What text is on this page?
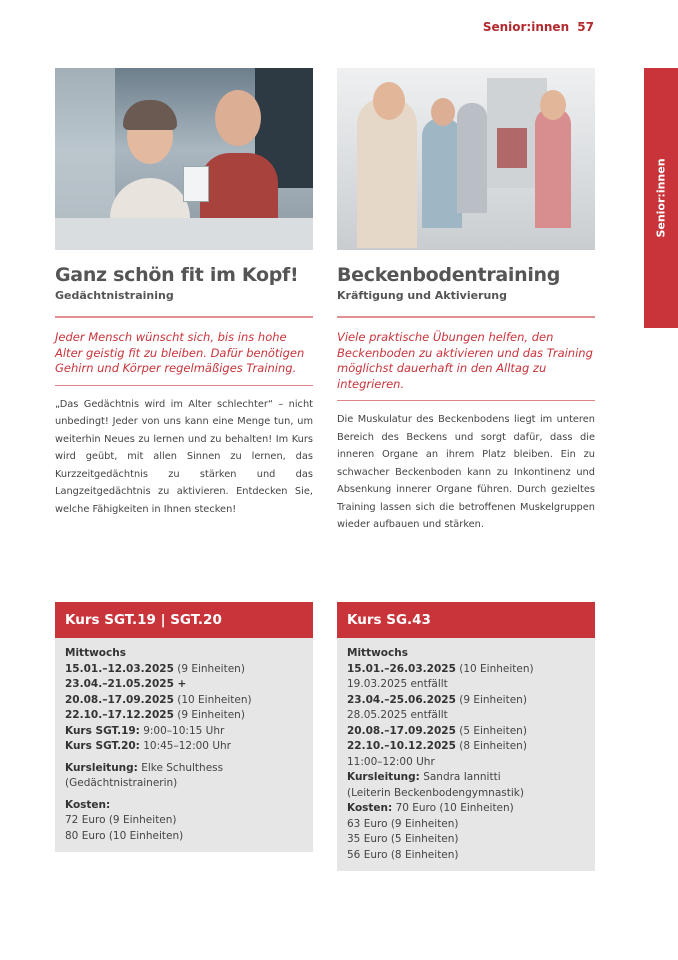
Senior:innen 57
Senior:innen
Ganz schön fit im Kopf!
Gedächtnistraining
Jeder Mensch wünscht sich, bis ins hohe Alter geistig fit zu bleiben. Dafür benötigen Gehirn und Körper regelmäßiges Training.
„Das Gedächtnis wird im Alter schlechter“ – nicht unbedingt! Jeder von uns kann eine Menge tun, um weiterhin Neues zu lernen und zu behalten! Im Kurs wird geübt, mit allen Sinnen zu lernen, das Kurzzeitgedächtnis zu stärken und das Langzeitgedächtnis zu aktivieren. Entdecken Sie, welche Fähigkeiten in Ihnen stecken!
Beckenbodentraining
Kräftigung und Aktivierung
Viele praktische Übungen helfen, den Beckenboden zu aktivieren und das Training möglichst dauerhaft in den Alltag zu integrieren.
Die Muskulatur des Beckenbodens liegt im unteren Bereich des Beckens und sorgt dafür, dass die inneren Organe an ihrem Platz bleiben. Ein zu schwacher Beckenboden kann zu Inkontinenz und Absenkung innerer Organe führen. Durch gezieltes Training lassen sich die betroffenen Muskelgruppen wieder aufbauen und stärken.
Kurs SGT.19 | SGT.20
Mittwochs
15.01.–12.03.2025 (9 Einheiten)
23.04.–21.05.2025 +
20.08.–17.09.2025 (10 Einheiten)
22.10.–17.12.2025 (9 Einheiten)
Kurs SGT.19: 9:00–10:15 Uhr
Kurs SGT.20: 10:45–12:00 Uhr
Kursleitung: Elke Schulthess
(Gedächtnistrainerin)
Kosten:
72 Euro (9 Einheiten)
80 Euro (10 Einheiten)
Kurs SG.43
Mittwochs
15.01.–26.03.2025 (10 Einheiten)
19.03.2025 entfällt
23.04.–25.06.2025 (9 Einheiten)
28.05.2025 entfällt
20.08.–17.09.2025 (5 Einheiten)
22.10.–10.12.2025 (8 Einheiten)
11:00–12:00 Uhr
Kursleitung: Sandra Iannitti
(Leiterin Beckenbodengymnastik)
Kosten: 70 Euro (10 Einheiten)
63 Euro (9 Einheiten)
35 Euro (5 Einheiten)
56 Euro (8 Einheiten)
